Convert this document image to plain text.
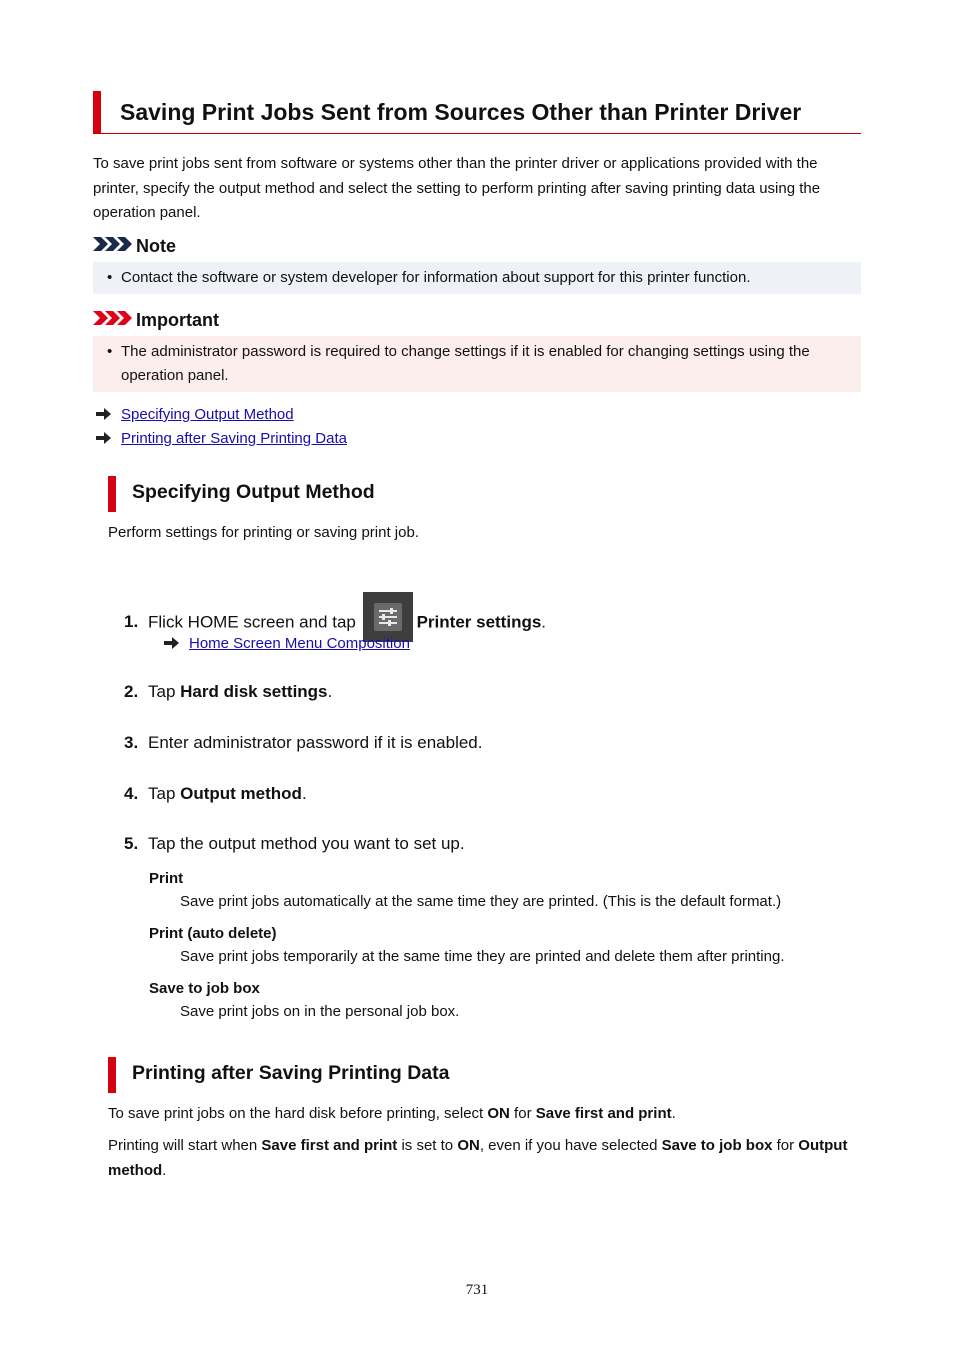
Saving Print Jobs Sent from Sources Other than Printer Driver
To save print jobs sent from software or systems other than the printer driver or applications provided with the printer, specify the output method and select the setting to perform printing after saving printing data using the operation panel.
Note
• Contact the software or system developer for information about support for this printer function.
Important
• The administrator password is required to change settings if it is enabled for changing settings using the operation panel.
Specifying Output Method
Printing after Saving Printing Data
Specifying Output Method
Perform settings for printing or saving print job.
1. Flick HOME screen and tap	Printer settings.
Home Screen Menu Composition
2. Tap Hard disk settings.
3. Enter administrator password if it is enabled.
4. Tap Output method.
5. Tap the output method you want to set up.
Print
Save print jobs automatically at the same time they are printed. (This is the default format.)
Print (auto delete)
Save print jobs temporarily at the same time they are printed and delete them after printing.
Save to job box
Save print jobs on in the personal job box.
Printing after Saving Printing Data
To save print jobs on the hard disk before printing, select ON for Save first and print.
Printing will start when Save first and print is set to ON, even if you have selected Save to job box for Output method.
731
